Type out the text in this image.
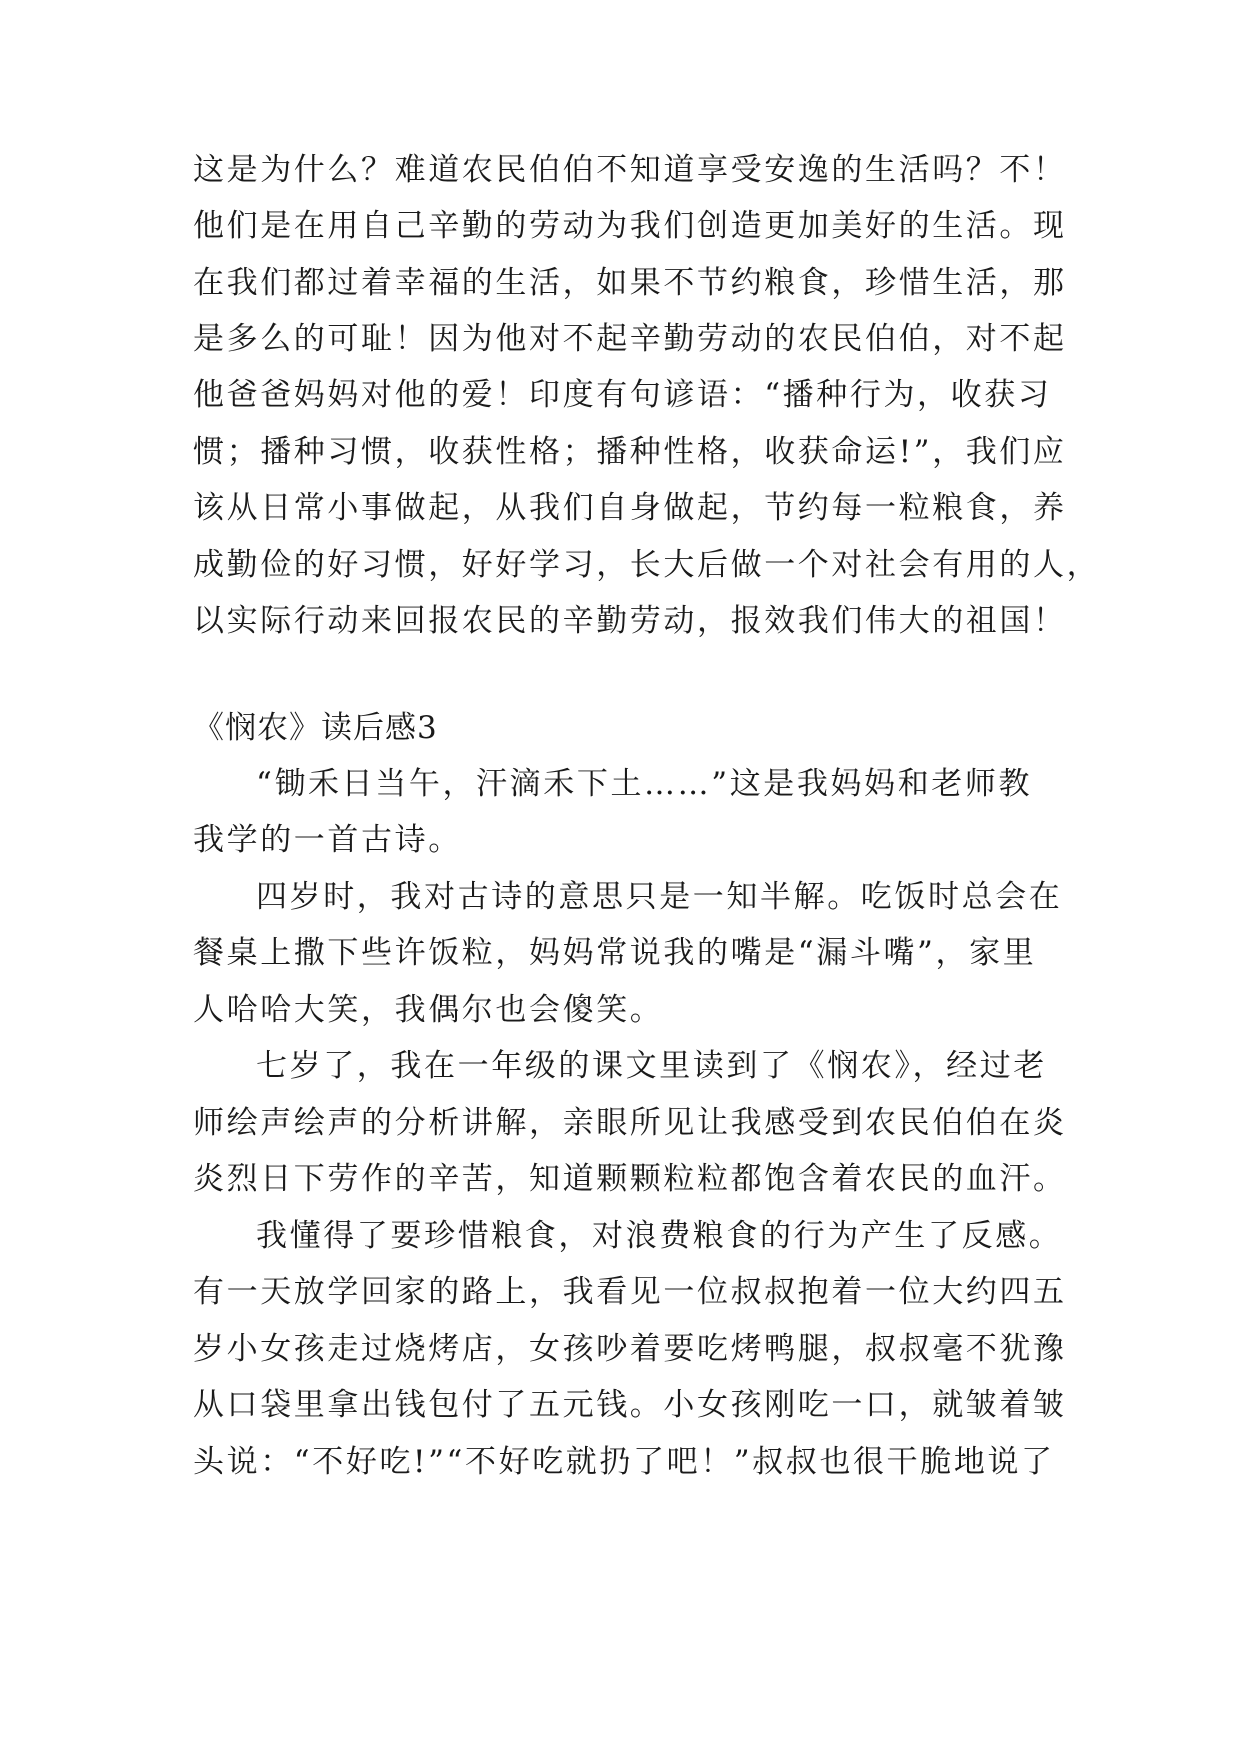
这是为什么？难道农民伯伯不知道享受安逸的生活吗？不！
他们是在用自己辛勤的劳动为我们创造更加美好的生活。现
在我们都过着幸福的生活，如果不节约粮食，珍惜生活，那
是多么的可耻！因为他对不起辛勤劳动的农民伯伯，对不起
他爸爸妈妈对他的爱！印度有句谚语：“播种行为，收获习
惯；播种习惯，收获性格；播种性格，收获命运!”，我们应
该从日常小事做起，从我们自身做起，节约每一粒粮食，养
成勤俭的好习惯，好好学习，长大后做一个对社会有用的人，
以实际行动来回报农民的辛勤劳动，报效我们伟大的祖国！
《悯农》读后感3
“锄禾日当午，汗滴禾下土……”这是我妈妈和老师教
我学的一首古诗。
四岁时，我对古诗的意思只是一知半解。吃饭时总会在
餐桌上撒下些许饭粒，妈妈常说我的嘴是“漏斗嘴”，家里
人哈哈大笑，我偶尔也会傻笑。
七岁了，我在一年级的课文里读到了《悯农》，经过老
师绘声绘声的分析讲解，亲眼所见让我感受到农民伯伯在炎
炎烈日下劳作的辛苦，知道颗颗粒粒都饱含着农民的血汗。
我懂得了要珍惜粮食，对浪费粮食的行为产生了反感。
有一天放学回家的路上，我看见一位叔叔抱着一位大约四五
岁小女孩走过烧烤店，女孩吵着要吃烤鸭腿，叔叔毫不犹豫
从口袋里拿出钱包付了五元钱。小女孩刚吃一口，就皱着皱
头说：“不好吃!”“不好吃就扔了吧！”叔叔也很干脆地说了
